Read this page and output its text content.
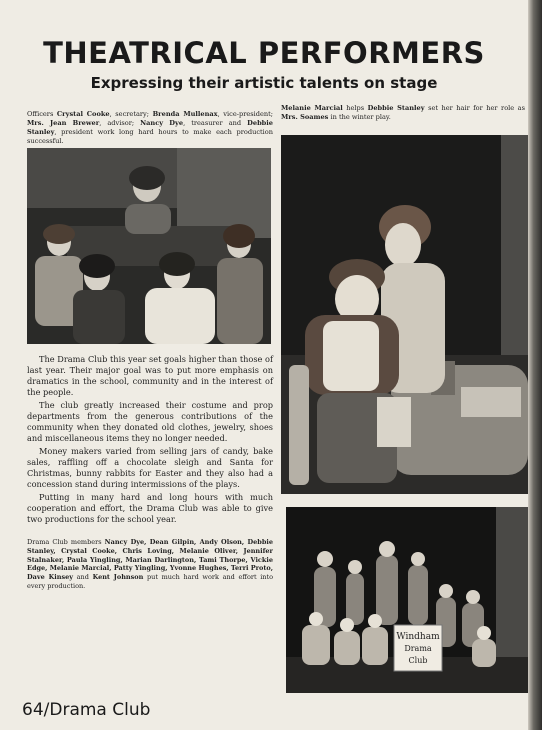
THEATRICAL PERFORMERS
Expressing their artistic talents on stage
Officers Crystal Cooke, secretary; Brenda Mullenax, vice-president; Mrs. Jean Brewer, advisor; Nancy Dye, treasurer and Debbie Stanley, president work long hard hours to make each production successful.
Melanie Marcial helps Debbie Stanley set her hair for her role as Mrs. Soames in the winter play.

The Drama Club this year set goals higher than those of last year. Their major goal was to put more emphasis on dramatics in the school, community and in the interest of the people.

The club greatly increased their costume and prop departments from the generous contributions of the community when they donated old clothes, jewelry, shoes and miscellaneous items they no longer needed.

Money makers varied from selling jars of candy, bake sales, raffling off a chocolate sleigh and Santa for Christmas, bunny rabbits for Easter and they also had a concession stand during intermissions of the plays.

Putting in many hard and long hours with much cooperation and effort, the Drama Club was able to give two productions for the school year.

Drama Club members Nancy Dye, Dean Gilpin, Andy Olson, Debbie Stanley, Crystal Cooke, Chris Loving, Melanie Oliver, Jennifer Stalnaker, Paula Yingling, Marian Darlington, Tami Thorpe, Vickie Edge, Melanie Marcial, Patty Yingling, Yvonne Hughes, Terri Proto, Dave Kinsey and Kent Johnson put much hard work and effort into every production.
Windham
Drama
Club
64/Drama Club
